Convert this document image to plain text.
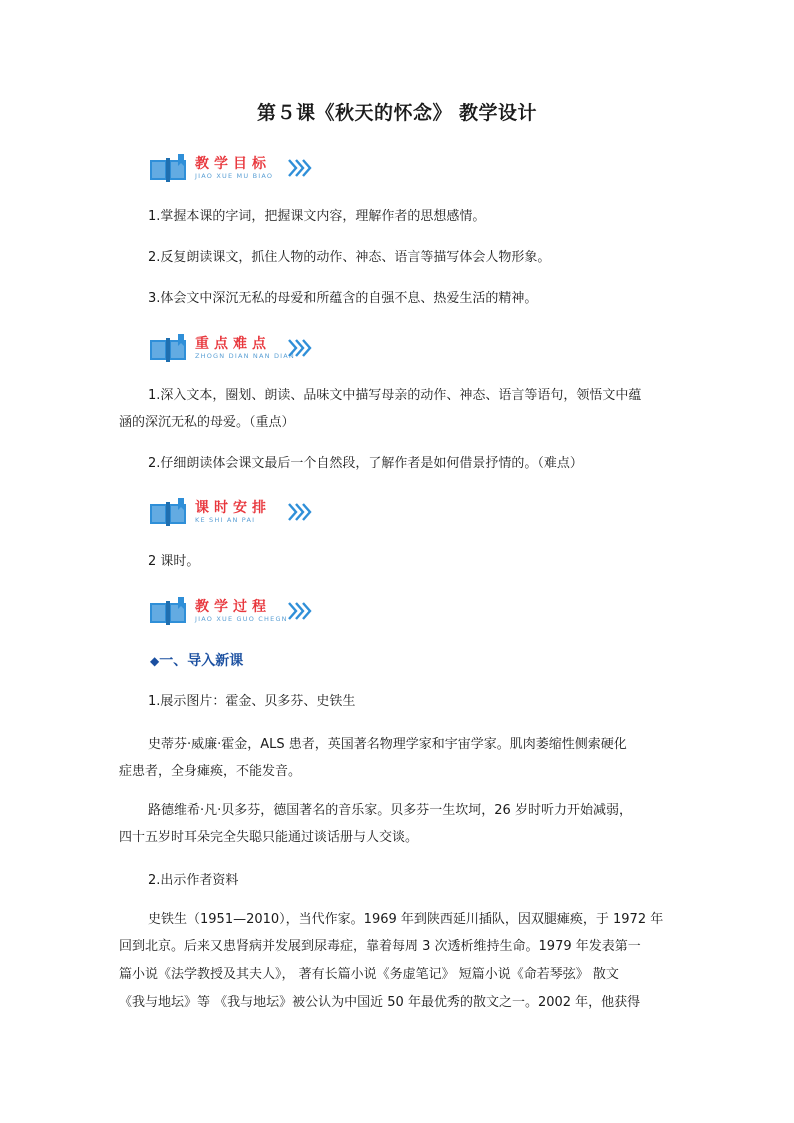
第５课《秋天的怀念》 教学设计
教学目标
JIAO XUE MU BIAO
1.掌握本课的字词，把握课文内容，理解作者的思想感情。
2.反复朗读课文，抓住人物的动作、神态、语言等描写体会人物形象。
3.体会文中深沉无私的母爱和所蕴含的自强不息、热爱生活的精神。
重点难点
ZHOGN DIAN NAN DIAN
1.深入文本，圈划、朗读、品味文中描写母亲的动作、神态、语言等语句，领悟文中蕴
涵的深沉无私的母爱。（重点）
2.仔细朗读体会课文最后一个自然段，了解作者是如何借景抒情的。（难点）
课时安排
KE SHI AN PAI
2 课时。
教学过程
JIAO XUE GUO CHEGN
◆一、导入新课
1.展示图片：霍金、贝多芬、史铁生
史蒂芬·威廉·霍金，ALS 患者，英国著名物理学家和宇宙学家。肌肉萎缩性侧索硬化
症患者，全身瘫痪，不能发音。
路德维希·凡·贝多芬，德国著名的音乐家。贝多芬一生坎坷，26 岁时听力开始减弱，
四十五岁时耳朵完全失聪只能通过谈话册与人交谈。
2.出示作者资料
史铁生（1951—2010），当代作家。1969 年到陕西延川插队，因双腿瘫痪，于 1972 年
回到北京。后来又患肾病并发展到尿毒症，靠着每周 3 次透析维持生命。1979 年发表第一
篇小说《法学教授及其夫人》， 著有长篇小说《务虚笔记》 短篇小说《命若琴弦》 散文
《我与地坛》等 《我与地坛》被公认为中国近 50 年最优秀的散文之一。2002 年，他获得
